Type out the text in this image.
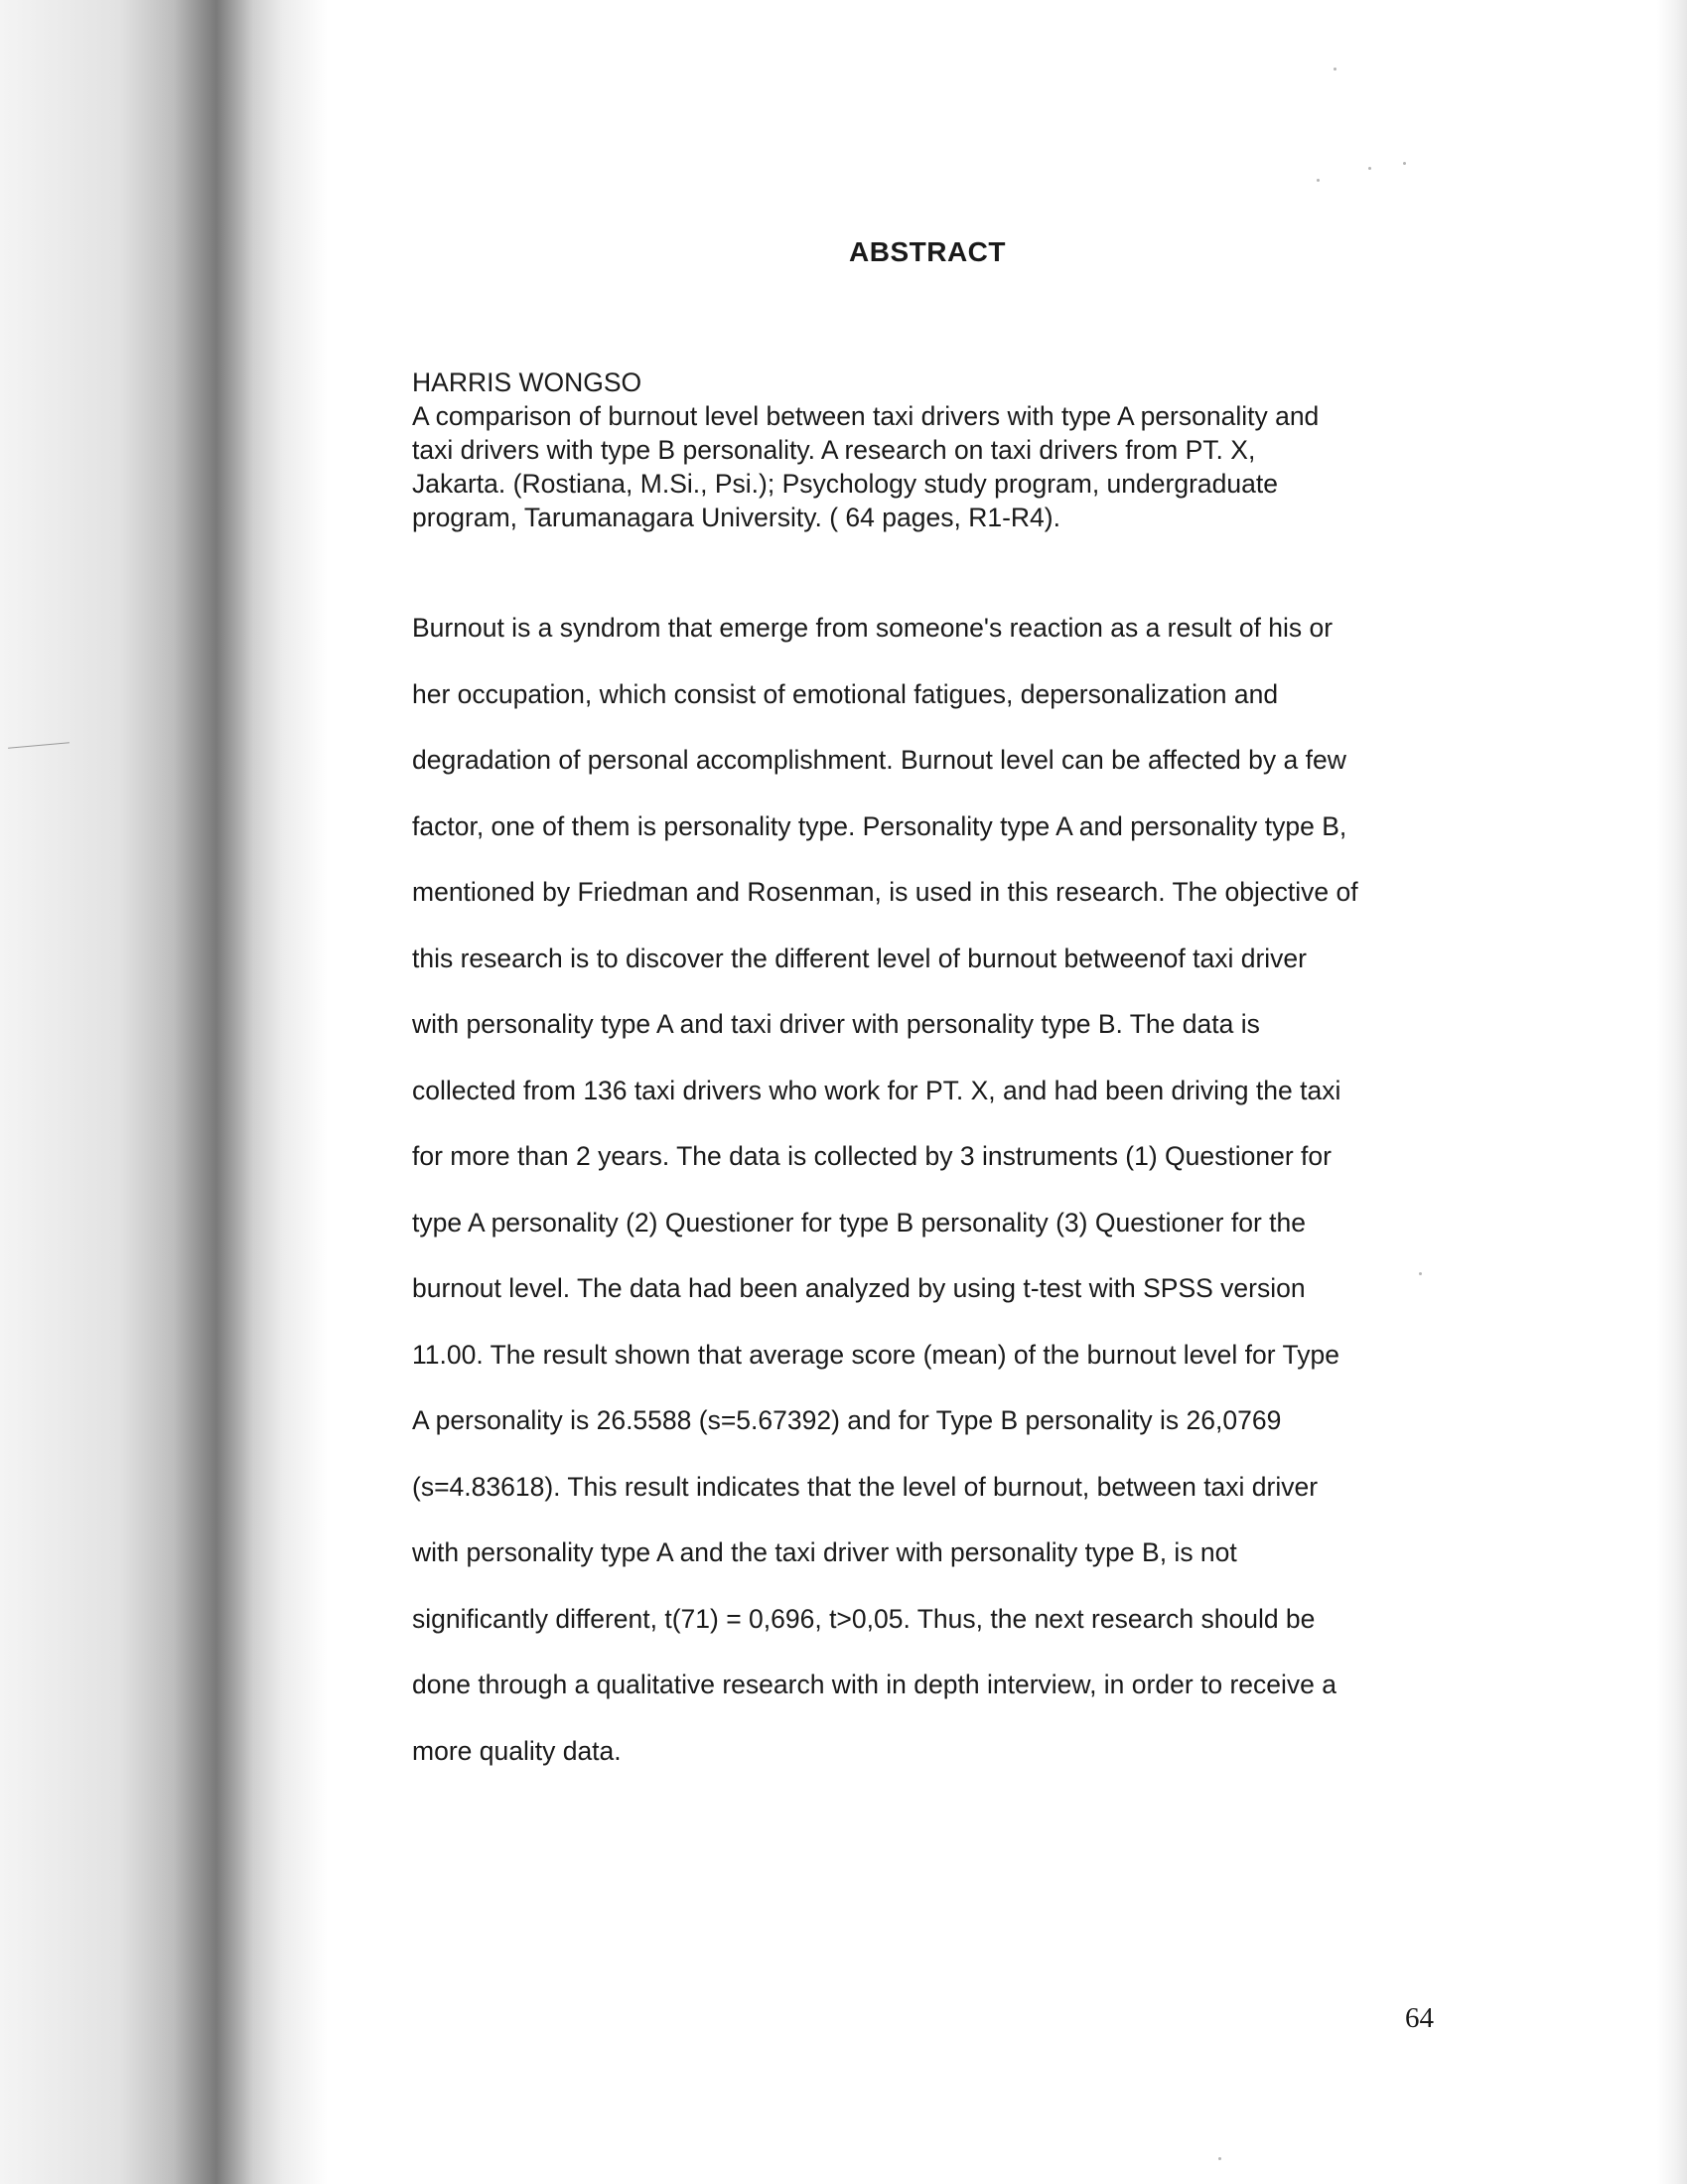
ABSTRACT
HARRIS WONGSO
A comparison of burnout level between taxi drivers with type A personality and
taxi drivers with type B personality. A research on taxi drivers from PT. X,
Jakarta. (Rostiana, M.Si., Psi.); Psychology study program, undergraduate
program, Tarumanagara University. ( 64 pages, R1-R4).
Burnout is a syndrom that emerge from someone's reaction as a result of his or
her occupation, which consist of emotional fatigues, depersonalization and
degradation of personal accomplishment. Burnout level can be affected by a few
factor, one of them is personality type. Personality type A and personality type B,
mentioned by Friedman and Rosenman, is used in this research. The objective of
this research is to discover the different level of burnout betweenof taxi driver
with personality type A and taxi driver with personality type B. The data is
collected from 136 taxi drivers who work for PT. X, and had been driving the taxi
for more than 2 years. The data is collected by 3 instruments (1) Questioner for
type A personality (2) Questioner for type B personality (3) Questioner for the
burnout level. The data had been analyzed by using t-test with SPSS version
11.00. The result shown that average score (mean) of the burnout level for Type
A personality is 26.5588 (s=5.67392) and for Type B personality is 26,0769
(s=4.83618). This result indicates that the level of burnout, between taxi driver
with personality type A and the taxi driver with personality type B, is not
significantly different, t(71) = 0,696, t>0,05. Thus, the next research should be
done through a qualitative research with in depth interview, in order to receive a
more quality data.
64
